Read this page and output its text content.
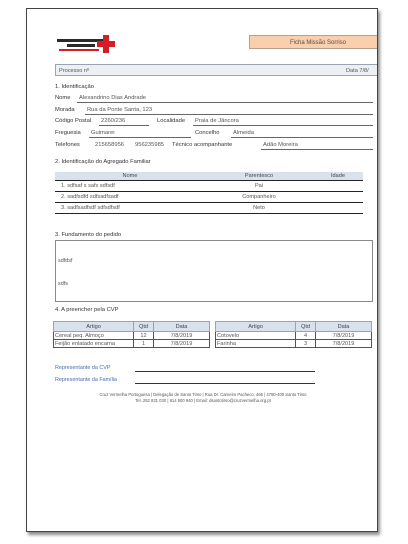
Ficha Missão Sorriso
Processo nº	Data 7/8/
1. Identificação
Nome Alexandrino Dias Andrade
Morada Rua da Ponte Santa, 123
Código Postal 2260/236	Localidade Praia de Jâncora
Freguesia Guimarei	Concelho Almeida
Telefones	215658956 956235985 Técnico acompanhante	Adão Moreira
2. Identificação do Agregado Familiar
Nome	Parentesco	Idade
1. sdfsaf s safs sdfsdf	Pai	
2. sadfsdfd sdfsadfsadf	Companheiro	
3. sadfsadfsdf sdfsdfsdf	Neto	
3. Fundamento do pedido

sdfdsf

sdfs

4. A preencher pela CVP
Artigo	Qtd	Data
Cereal peq. Almoço	12	7/8/2019
Feijão enlatado encarna	1	7/8/2019
Artigo	Qtd	Data
Cotovelo	4	7/8/2019
Farinha	3	7/8/2019
Representante da CVP
Representante da Família
Cruz Vermelha Portuguesa | Delegação de Santo Tirso | Rua Dr. Carneiro Pacheco, 466 | 4780-400 Santo Tirso
Tel. 252 831 030 | 914 500 940 | Email: dsantotirso@cruzvermelha.org.pt
